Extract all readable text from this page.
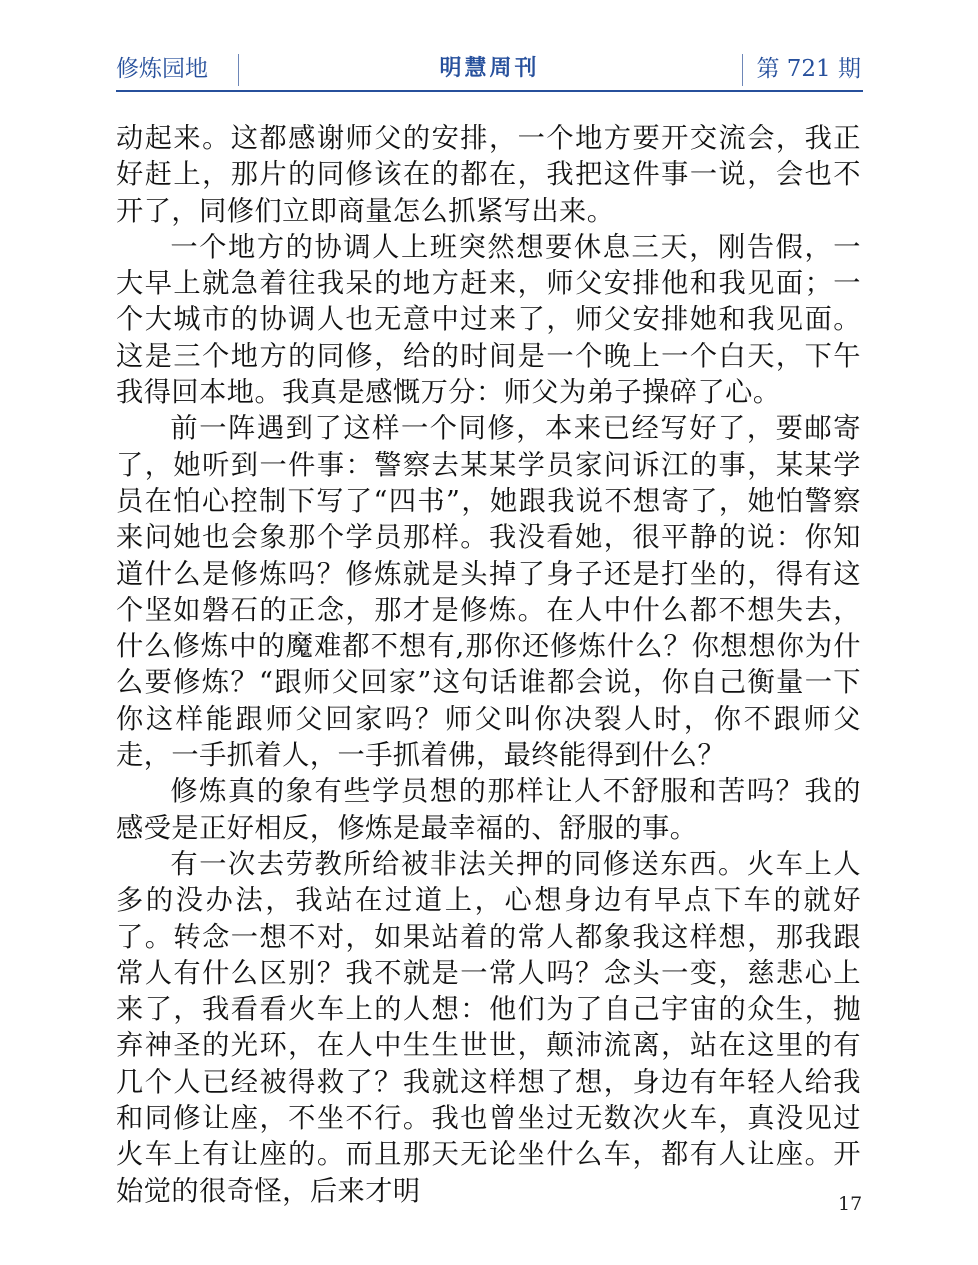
修炼园地	明慧周刊	第 721 期

动起来。这都感谢师父的安排，一个地方要开交流会，我正好赶上，那片的同修该在的都在，我把这件事一说，会也不开了，同修们立即商量怎么抓紧写出来。

一个地方的协调人上班突然想要休息三天，刚告假，一大早上就急着往我呆的地方赶来，师父安排他和我见面；一个大城市的协调人也无意中过来了，师父安排她和我见面。这是三个地方的同修，给的时间是一个晚上一个白天，下午我得回本地。我真是感慨万分：师父为弟子操碎了心。

前一阵遇到了这样一个同修，本来已经写好了，要邮寄了，她听到一件事：警察去某某学员家问诉江的事，某某学员在怕心控制下写了“四书”，她跟我说不想寄了，她怕警察来问她也会象那个学员那样。我没看她，很平静的说：你知道什么是修炼吗？修炼就是头掉了身子还是打坐的，得有这个坚如磐石的正念，那才是修炼。在人中什么都不想失去，什么修炼中的魔难都不想有,那你还修炼什么？你想想你为什么要修炼？“跟师父回家”这句话谁都会说，你自己衡量一下你这样能跟师父回家吗？师父叫你决裂人时，你不跟师父走，一手抓着人，一手抓着佛，最终能得到什么？

修炼真的象有些学员想的那样让人不舒服和苦吗？我的感受是正好相反，修炼是最幸福的、舒服的事。

有一次去劳教所给被非法关押的同修送东西。火车上人多的没办法，我站在过道上，心想身边有早点下车的就好了。转念一想不对，如果站着的常人都象我这样想，那我跟常人有什么区别？我不就是一常人吗？念头一变，慈悲心上来了，我看看火车上的人想：他们为了自己宇宙的众生，抛弃神圣的光环，在人中生生世世，颠沛流离，站在这里的有几个人已经被得救了？我就这样想了想，身边有年轻人给我和同修让座，不坐不行。我也曾坐过无数次火车，真没见过火车上有让座的。而且那天无论坐什么车，都有人让座。开始觉的很奇怪，后来才明	17
